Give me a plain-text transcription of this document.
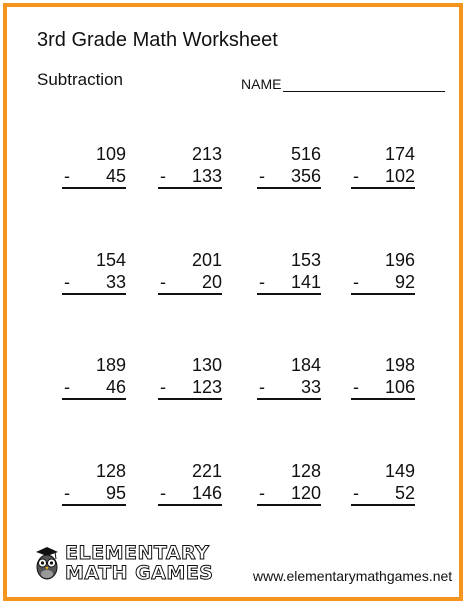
3rd Grade Math Worksheet
Subtraction	NAME
109
- 45
213
- 133
516
- 356
174
- 102
154
- 33
201
- 20
153
- 141
196
- 92
189
- 46
130
- 123
184
- 33
198
- 106
128
- 95
221
- 146
128
- 120
149
- 52
ELEMENTARY
MATH GAMES	www.elementarymathgames.net
